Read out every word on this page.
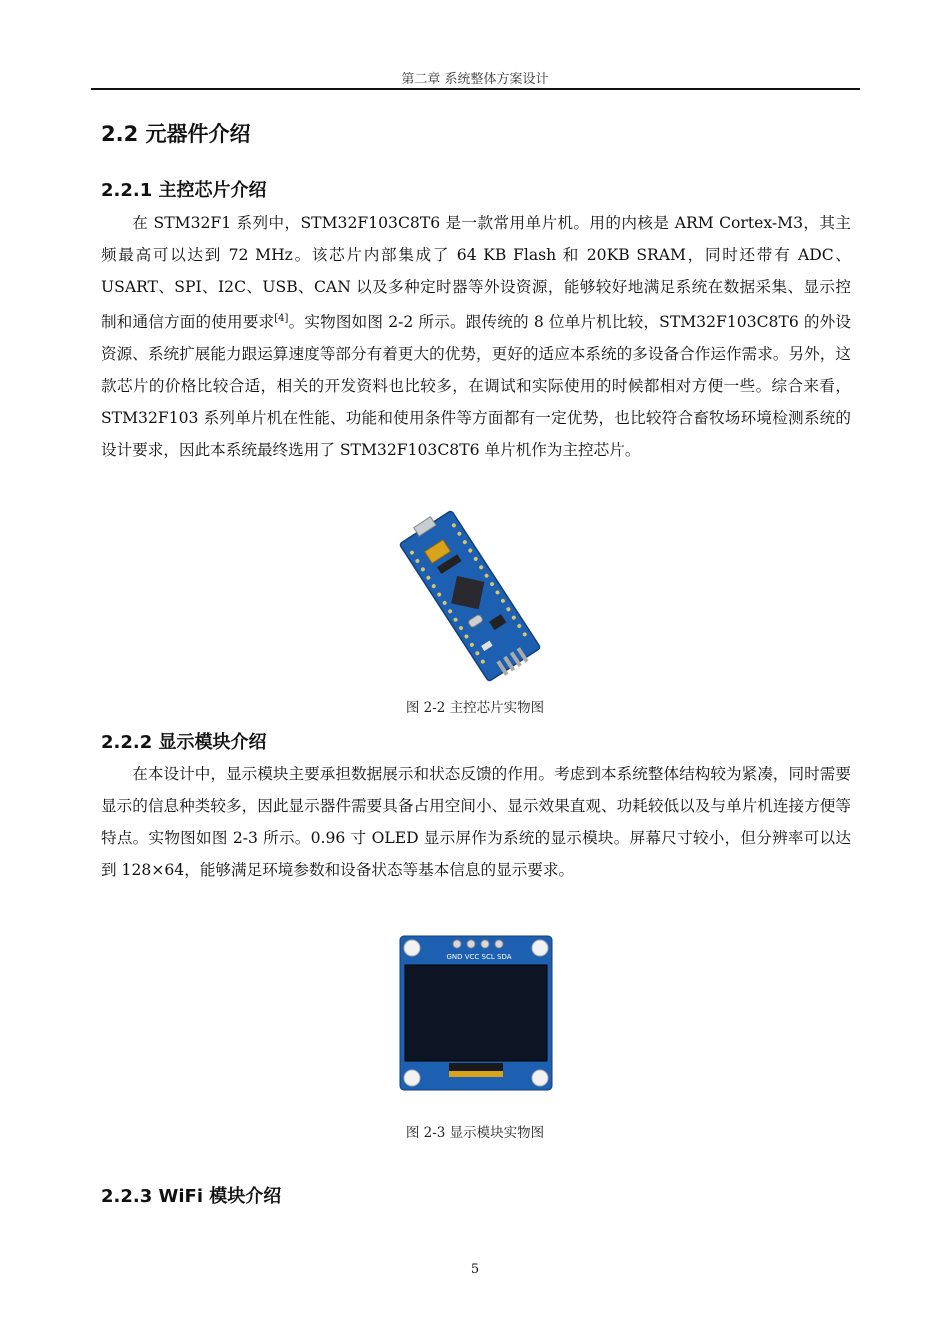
第二章 系统整体方案设计
2.2 元器件介绍
2.2.1 主控芯片介绍

在 STM32F1 系列中，STM32F103C8T6 是一款常用单片机。用的内核是 ARM Cortex-M3，其主频最高可以达到 72 MHz。该芯片内部集成了 64 KB Flash 和 20KB SRAM，同时还带有 ADC、USART、SPI、I2C、USB、CAN 以及多种定时器等外设资源，能够较好地满足系统在数据采集、显示控制和通信方面的使用要求[4]。实物图如图 2-2 所示。跟传统的 8 位单片机比较，STM32F103C8T6 的外设资源、系统扩展能力跟运算速度等部分有着更大的优势，更好的适应本系统的多设备合作运作需求。另外，这款芯片的价格比较合适，相关的开发资料也比较多，在调试和实际使用的时候都相对方便一些。综合来看，STM32F103 系列单片机在性能、功能和使用条件等方面都有一定优势，也比较符合畜牧场环境检测系统的设计要求，因此本系统最终选用了 STM32F103C8T6 单片机作为主控芯片。

图 2-2 主控芯片实物图
2.2.2 显示模块介绍

在本设计中，显示模块主要承担数据展示和状态反馈的作用。考虑到本系统整体结构较为紧凑，同时需要显示的信息种类较多，因此显示器件需要具备占用空间小、显示效果直观、功耗较低以及与单片机连接方便等特点。实物图如图 2-3 所示。0.96 寸 OLED 显示屏作为系统的显示模块。屏幕尺寸较小，但分辨率可以达到 128×64，能够满足环境参数和设备状态等基本信息的显示要求。

GND VCC SCL SDA
图 2-3 显示模块实物图
2.2.3 WiFi 模块介绍
5
